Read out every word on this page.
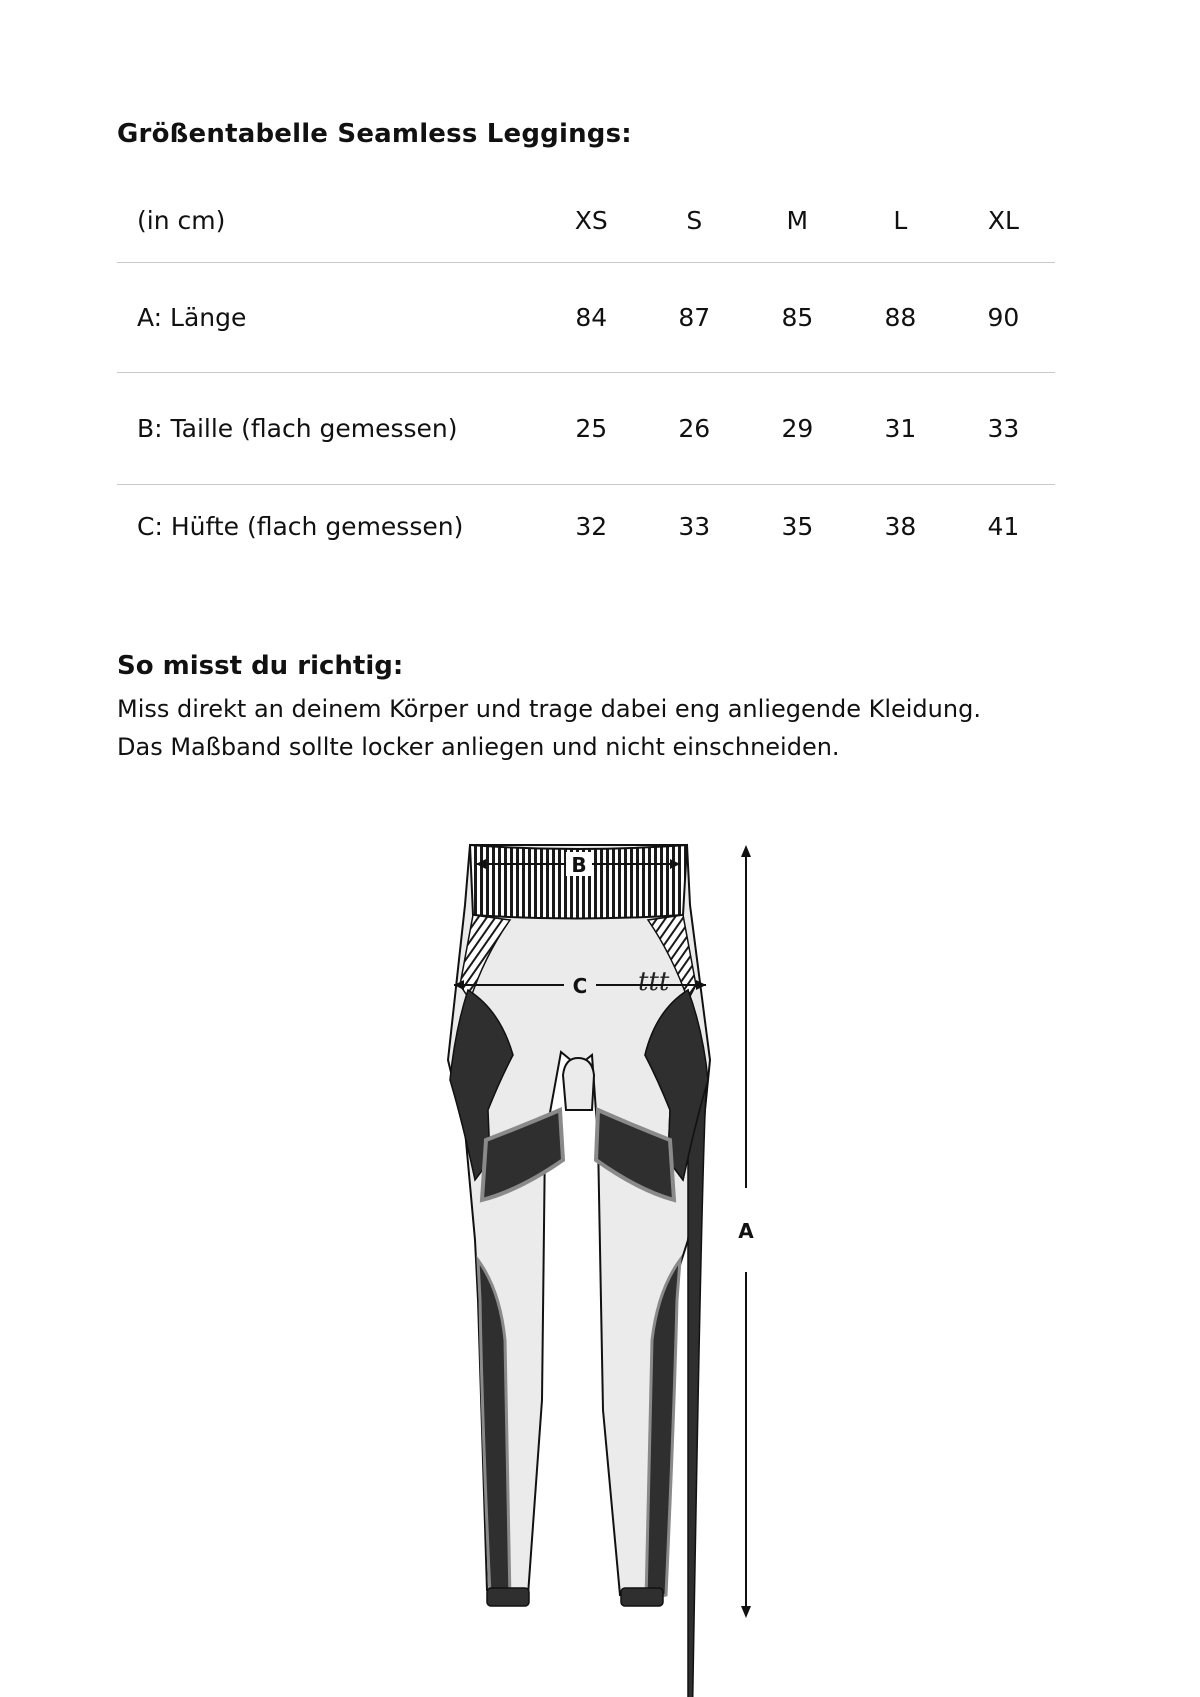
Größentabelle Seamless Leggings:
(in cm)	XS	S	M	L	XL
A: Länge	84	87	85	88	90
B: Taille (flach gemessen)	25	26	29	31	33
C: Hüfte (flach gemessen)	32	33	35	38	41
So misst du richtig:

Miss direkt an deinem Körper und trage dabei eng anliegende Kleidung.
Das Maßband sollte locker anliegen und nicht einschneiden.

ttt
B
C
A
